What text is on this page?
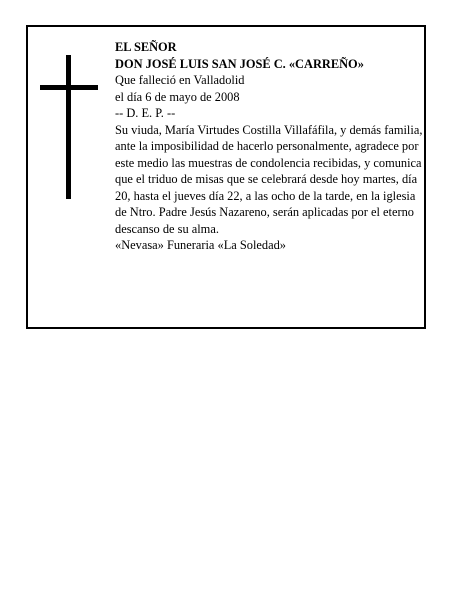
EL SEÑOR
DON JOSÉ LUIS SAN JOSÉ C. «CARREÑO»
Que falleció en Valladolid
el día 6 de mayo de 2008
-- D. E. P. --
Su viuda, María Virtudes Costilla Villafáfila, y demás familia, ante la imposibilidad de hacerlo personalmente, agradece por este medio las muestras de condolencia recibidas, y comunica que el triduo de misas que se celebrará desde hoy martes, día 20, hasta el jueves día 22, a las ocho de la tarde, en la iglesia de Ntro. Padre Jesús Nazareno, serán aplicadas por el eterno descanso de su alma.
«Nevasa» Funeraria «La Soledad»
